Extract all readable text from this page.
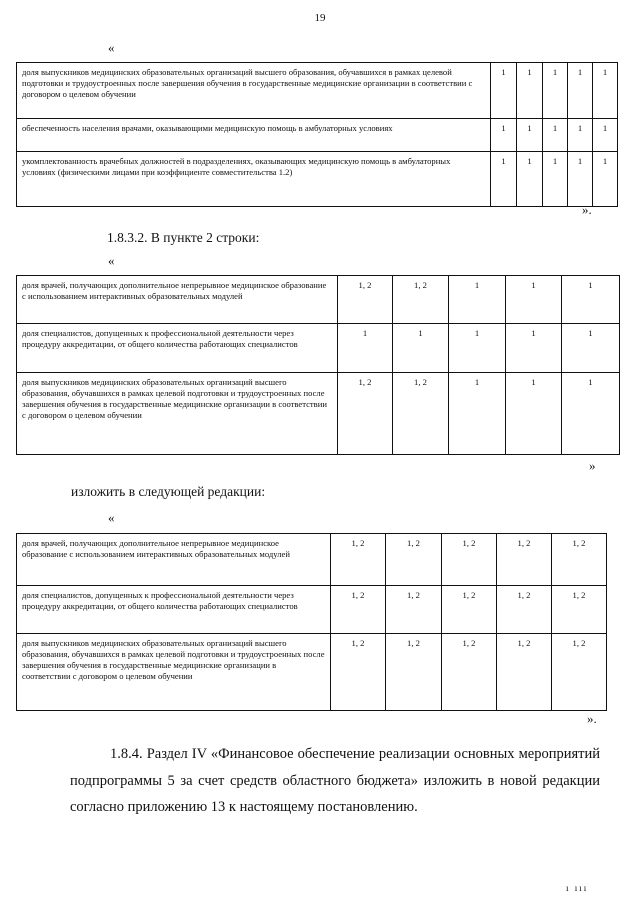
19
«
доля выпускников медицинских образовательных организаций высшего образования, обучавшихся в рамках целевой подготовки и трудоустроенных после завершения обучения в государственные медицинские организации в соответствии с договором о целевом обучении	1	1	1	1	1
обеспеченность населения врачами, оказывающими медицинскую помощь в амбулаторных условиях	1	1	1	1	1
укомплектованность врачебных должностей в подразделениях, оказывающих медицинскую помощь в амбулаторных условиях (физическими лицами при коэффициенте совместительства 1.2)	1	1	1	1	1
».
1.8.3.2. В пункте 2 строки:
«
доля врачей, получающих дополнительное непрерывное медицинское образование с использованием интерактивных образовательных модулей	1, 2	1, 2	1	1	1
доля специалистов, допущенных к профессиональной деятельности через процедуру аккредитации, от общего количества работающих специалистов	1	1	1	1	1
доля выпускников медицинских образовательных организаций высшего образования, обучавшихся в рамках целевой подготовки и трудоустроенных после завершения обучения в государственные медицинские организации в соответствии с договором о целевом обучении	1, 2	1, 2	1	1	1
»
изложить в следующей редакции:
«
доля врачей, получающих дополнительное непрерывное медицинское образование с использованием интерактивных образовательных модулей	1, 2	1, 2	1, 2	1, 2	1, 2
доля специалистов, допущенных к профессиональной деятельности через процедуру аккредитации, от общего количества работающих специалистов	1, 2	1, 2	1, 2	1, 2	1, 2
доля выпускников медицинских образовательных организаций высшего образования, обучавшихся в рамках целевой подготовки и трудоустроенных после завершения обучения в государственные медицинские организации в соответствии с договором о целевом обучении	1, 2	1, 2	1, 2	1, 2	1, 2
».
1.8.4. Раздел IV «Финансовое обеспечение реализации основных мероприятий подпрограммы 5 за счет средств областного бюджета» изложить в новой редакции согласно приложению 13 к настоящему постановлению.
ı ııı
